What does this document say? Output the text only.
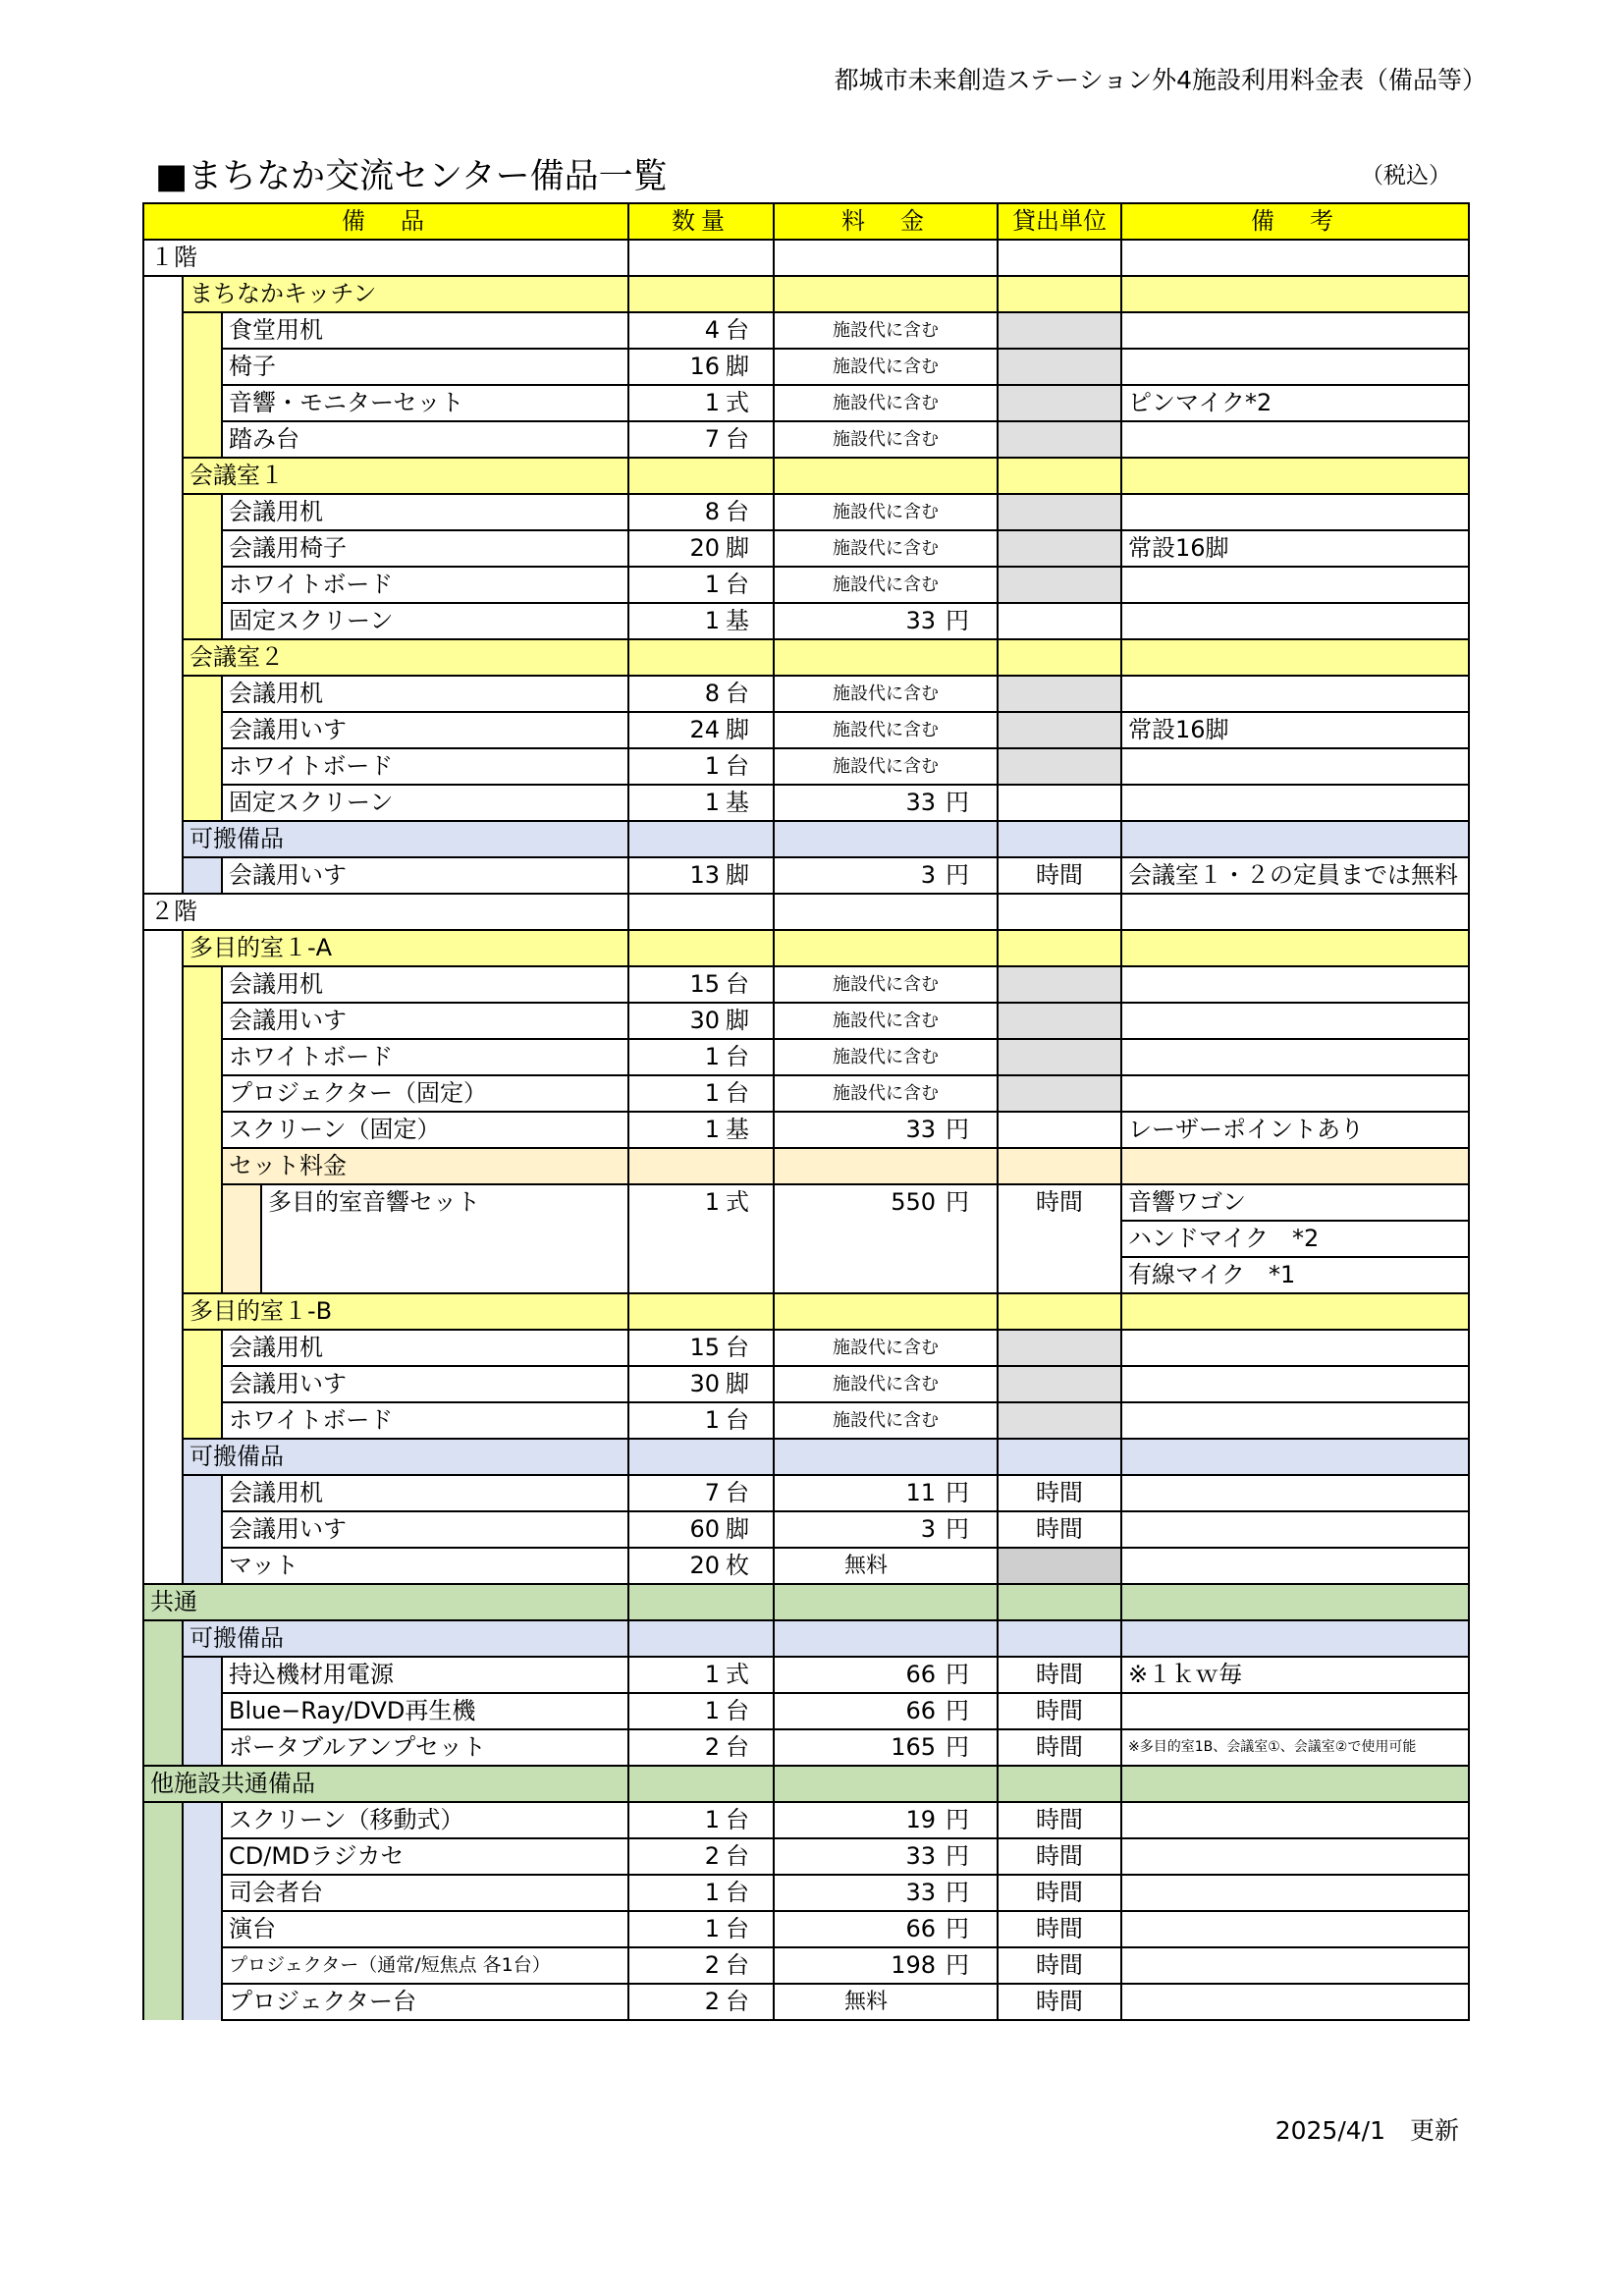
都城市未来創造ステーション外4施設利用料金表（備品等）
■まちなか交流センター備品一覧	（税込）
備　品				数量	料　金	貸出単位	備　考
１階							
	まちなかキッチン						
		食堂用机		4 台	施設代に含む		
		椅子		16 脚	施設代に含む		
		音響・モニターセット		1 式	施設代に含む		ピンマイク*2
		踏み台		7 台	施設代に含む		
	会議室１						
		会議用机		8 台	施設代に含む		
		会議用椅子		20 脚	施設代に含む		常設16脚
		ホワイトボード		1 台	施設代に含む		
		固定スクリーン		1 基	33 円		
	会議室２						
		会議用机		8 台	施設代に含む		
		会議用いす		24 脚	施設代に含む		常設16脚
		ホワイトボード		1 台	施設代に含む		
		固定スクリーン		1 基	33 円		
	可搬備品						
		会議用いす		13 脚	3 円	時間	会議室１・２の定員までは無料
２階							
	多目的室１-A						
		会議用机		15 台	施設代に含む		
		会議用いす		30 脚	施設代に含む		
		ホワイトボード		1 台	施設代に含む		
		プロジェクター（固定）		1 台	施設代に含む		
		スクリーン（固定）		1 基	33 円		レーザーポイントあり
		セット料金					
			多目的室音響セット	1 式	550 円	時間	音響ワゴン
							ハンドマイク　*2
							有線マイク　*1
	多目的室１-B						
		会議用机		15 台	施設代に含む		
		会議用いす		30 脚	施設代に含む		
		ホワイトボード		1 台	施設代に含む		
	可搬備品						
		会議用机		7 台	11 円	時間	
		会議用いす		60 脚	3 円	時間	
		マット		20 枚	無料		
共通							
	可搬備品						
		持込機材用電源		1 式	66 円	時間	※１ｋｗ毎
		Blue−Ray/DVD再生機		1 台	66 円	時間	
		ポータブルアンプセット		2 台	165 円	時間	※多目的室1B、会議室①、会議室②で使用可能
他施設共通備品							
		スクリーン（移動式）		1 台	19 円	時間	
		CD/MDラジカセ		2 台	33 円	時間	
		司会者台		1 台	33 円	時間	
		演台		1 台	66 円	時間	
		プロジェクター（通常/短焦点 各1台）		2 台	198 円	時間	
		プロジェクター台		2 台	無料	時間	
2025/4/1　更新
